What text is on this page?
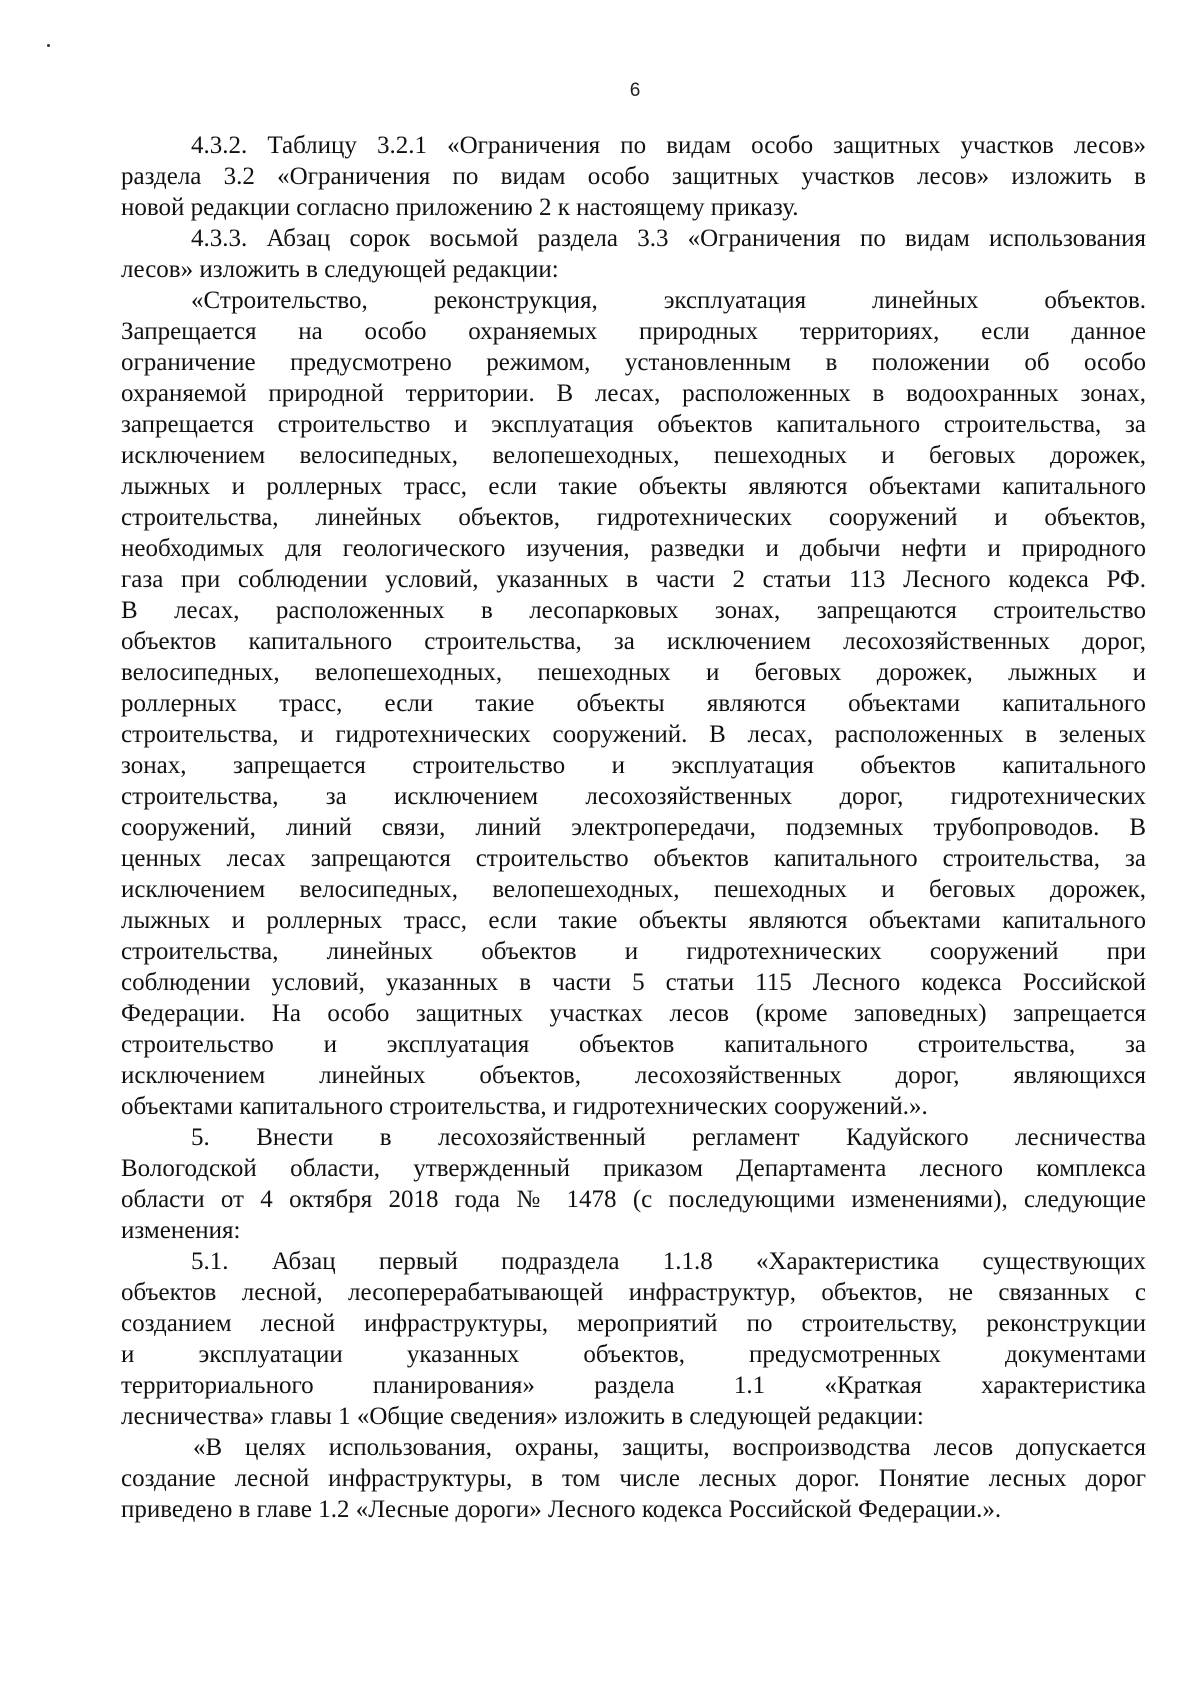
6
4.3.2. Таблицу 3.2.1 «Ограничения по видам особо защитных участков лесов»
раздела 3.2 «Ограничения по видам особо защитных участков лесов» изложить в
новой редакции согласно приложению 2 к настоящему приказу.
4.3.3. Абзац сорок восьмой раздела 3.3 «Ограничения по видам использования
лесов» изложить в следующей редакции:
«Строительство, реконструкция, эксплуатация линейных объектов.
Запрещается на особо охраняемых природных территориях, если данное
ограничение предусмотрено режимом, установленным в положении об особо
охраняемой природной территории. В лесах, расположенных в водоохранных зонах,
запрещается строительство и эксплуатация объектов капитального строительства, за
исключением велосипедных, велопешеходных, пешеходных и беговых дорожек,
лыжных и роллерных трасс, если такие объекты являются объектами капитального
строительства, линейных объектов, гидротехнических сооружений и объектов,
необходимых для геологического изучения, разведки и добычи нефти и природного
газа при соблюдении условий, указанных в части 2 статьи 113 Лесного кодекса РФ.
В лесах, расположенных в лесопарковых зонах, запрещаются строительство
объектов капитального строительства, за исключением лесохозяйственных дорог,
велосипедных, велопешеходных, пешеходных и беговых дорожек, лыжных и
роллерных трасс, если такие объекты являются объектами капитального
строительства, и гидротехнических сооружений. В лесах, расположенных в зеленых
зонах, запрещается строительство и эксплуатация объектов капитального
строительства, за исключением лесохозяйственных дорог, гидротехнических
сооружений, линий связи, линий электропередачи, подземных трубопроводов. В
ценных лесах запрещаются строительство объектов капитального строительства, за
исключением велосипедных, велопешеходных, пешеходных и беговых дорожек,
лыжных и роллерных трасс, если такие объекты являются объектами капитального
строительства, линейных объектов и гидротехнических сооружений при
соблюдении условий, указанных в части 5 статьи 115 Лесного кодекса Российской
Федерации. На особо защитных участках лесов (кроме заповедных) запрещается
строительство и эксплуатация объектов капитального строительства, за
исключением линейных объектов, лесохозяйственных дорог, являющихся
объектами капитального строительства, и гидротехнических сооружений.».
5. Внести в лесохозяйственный регламент Кадуйского лесничества
Вологодской области, утвержденный приказом Департамента лесного комплекса
области от 4 октября 2018 года № 1478 (с последующими изменениями), следующие
изменения:
5.1. Абзац первый подраздела 1.1.8 «Характеристика существующих
объектов лесной, лесоперерабатывающей инфраструктур, объектов, не связанных с
созданием лесной инфраструктуры, мероприятий по строительству, реконструкции
и эксплуатации указанных объектов, предусмотренных документами
территориального планирования» раздела 1.1 «Краткая характеристика
лесничества» главы 1 «Общие сведения» изложить в следующей редакции:
«В целях использования, охраны, защиты, воспроизводства лесов допускается
создание лесной инфраструктуры, в том числе лесных дорог. Понятие лесных дорог
приведено в главе 1.2 «Лесные дороги» Лесного кодекса Российской Федерации.».
